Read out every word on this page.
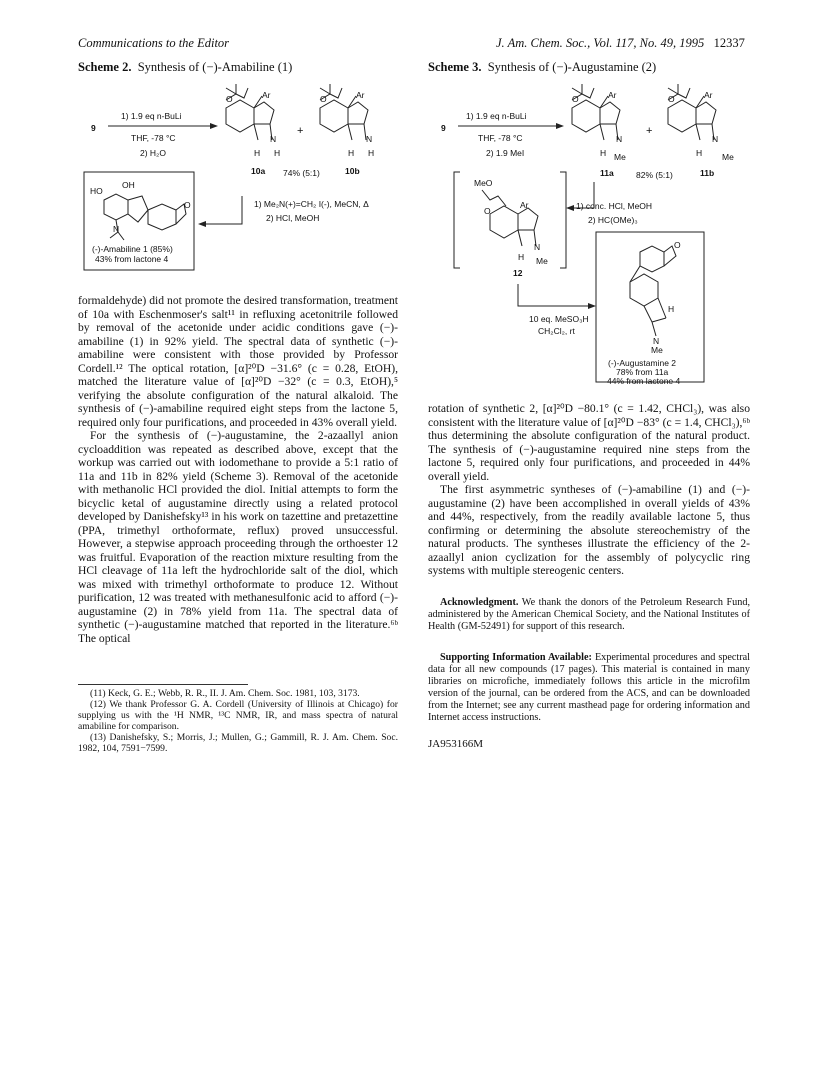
Communications to the Editor	J. Am. Chem. Soc., Vol. 117, No. 49, 1995 12337
Scheme 2. Synthesis of (−)-Amabiline (1)	Scheme 3. Synthesis of (−)-Augustamine (2)
9
1) 1.9 eq n-BuLi
THF, -78 °C
2) H₂O
O	Ar
N
H H
+
O	Ar
N
H H
10a 74% (5:1)	10b
1) Me₂N(+)=CH₂ I(-), MeCN, Δ
2) HCl, MeOH
HO
OH
N
O
(-)-Amabiline 1 (85%)
43% from lactone 4
9
1) 1.9 eq n-BuLi
THF, -78 °C
2) 1.9 MeI
O	Ar
N
H Me
+
O	Ar
N
H Me
11a	82% (5:1)	11b
MeO
O
Ar
N
H Me
12
1) conc. HCl, MeOH
2) HC(OMe)₃
10 eq. MeSO₃H
CH₂Cl₂, rt
O
H
N
Me
(-)-Augustamine 2
78% from 11a
44% from lactone 4

formaldehyde) did not promote the desired transformation, treatment of 10a with Eschenmoser's salt¹¹ in refluxing acetonitrile followed by removal of the acetonide under acidic conditions gave (−)-amabiline (1) in 92% yield. The spectral data of synthetic (−)-amabiline were consistent with those provided by Professor Cordell.¹² The optical rotation, [α]²⁰D −31.6° (c = 0.28, EtOH), matched the literature value of [α]²⁰D −32° (c = 0.3, EtOH),⁵ verifying the absolute configuration of the natural alkaloid. The synthesis of (−)-amabiline required eight steps from the lactone 5, required only four purifications, and proceeded in 43% overall yield.

For the synthesis of (−)-augustamine, the 2-azaallyl anion cycloaddition was repeated as described above, except that the workup was carried out with iodomethane to provide a 5:1 ratio of 11a and 11b in 82% yield (Scheme 3). Removal of the acetonide with methanolic HCl provided the diol. Initial attempts to form the bicyclic ketal of augustamine directly using a related protocol developed by Danishefsky¹³ in his work on tazettine and pretazettine (PPA, trimethyl orthoformate, reflux) proved unsuccessful. However, a stepwise approach proceeding through the orthoester 12 was fruitful. Evaporation of the reaction mixture resulting from the HCl cleavage of 11a left the hydrochloride salt of the diol, which was mixed with trimethyl orthoformate to produce 12. Without purification, 12 was treated with methanesulfonic acid to afford (−)-augustamine (2) in 78% yield from 11a. The spectral data of synthetic (−)-augustamine matched that reported in the literature.⁶ᵇ The optical

(11) Keck, G. E.; Webb, R. R., II. J. Am. Chem. Soc. 1981, 103, 3173.

(12) We thank Professor G. A. Cordell (University of Illinois at Chicago) for supplying us with the ¹H NMR, ¹³C NMR, IR, and mass spectra of natural amabiline for comparison.

(13) Danishefsky, S.; Morris, J.; Mullen, G.; Gammill, R. J. Am. Chem. Soc. 1982, 104, 7591−7599.

rotation of synthetic 2, [α]²⁰D −80.1° (c = 1.42, CHCl₃), was also consistent with the literature value of [α]²⁰D −83° (c = 1.4, CHCl₃),⁶ᵇ thus determining the absolute configuration of the natural product. The synthesis of (−)-augustamine required nine steps from the lactone 5, required only four purifications, and proceeded in 44% overall yield.

The first asymmetric syntheses of (−)-amabiline (1) and (−)-augustamine (2) have been accomplished in overall yields of 43% and 44%, respectively, from the readily available lactone 5, thus confirming or determining the absolute stereochemistry of the natural products. The syntheses illustrate the efficiency of the 2-azaallyl anion cyclization for the assembly of polycyclic ring systems with multiple stereogenic centers.

Acknowledgment. We thank the donors of the Petroleum Research Fund, administered by the American Chemical Society, and the National Institutes of Health (GM-52491) for support of this research.

Supporting Information Available: Experimental procedures and spectral data for all new compounds (17 pages). This material is contained in many libraries on microfiche, immediately follows this article in the microfilm version of the journal, can be ordered from the ACS, and can be downloaded from the Internet; see any current masthead page for ordering information and Internet access instructions.

JA953166M
